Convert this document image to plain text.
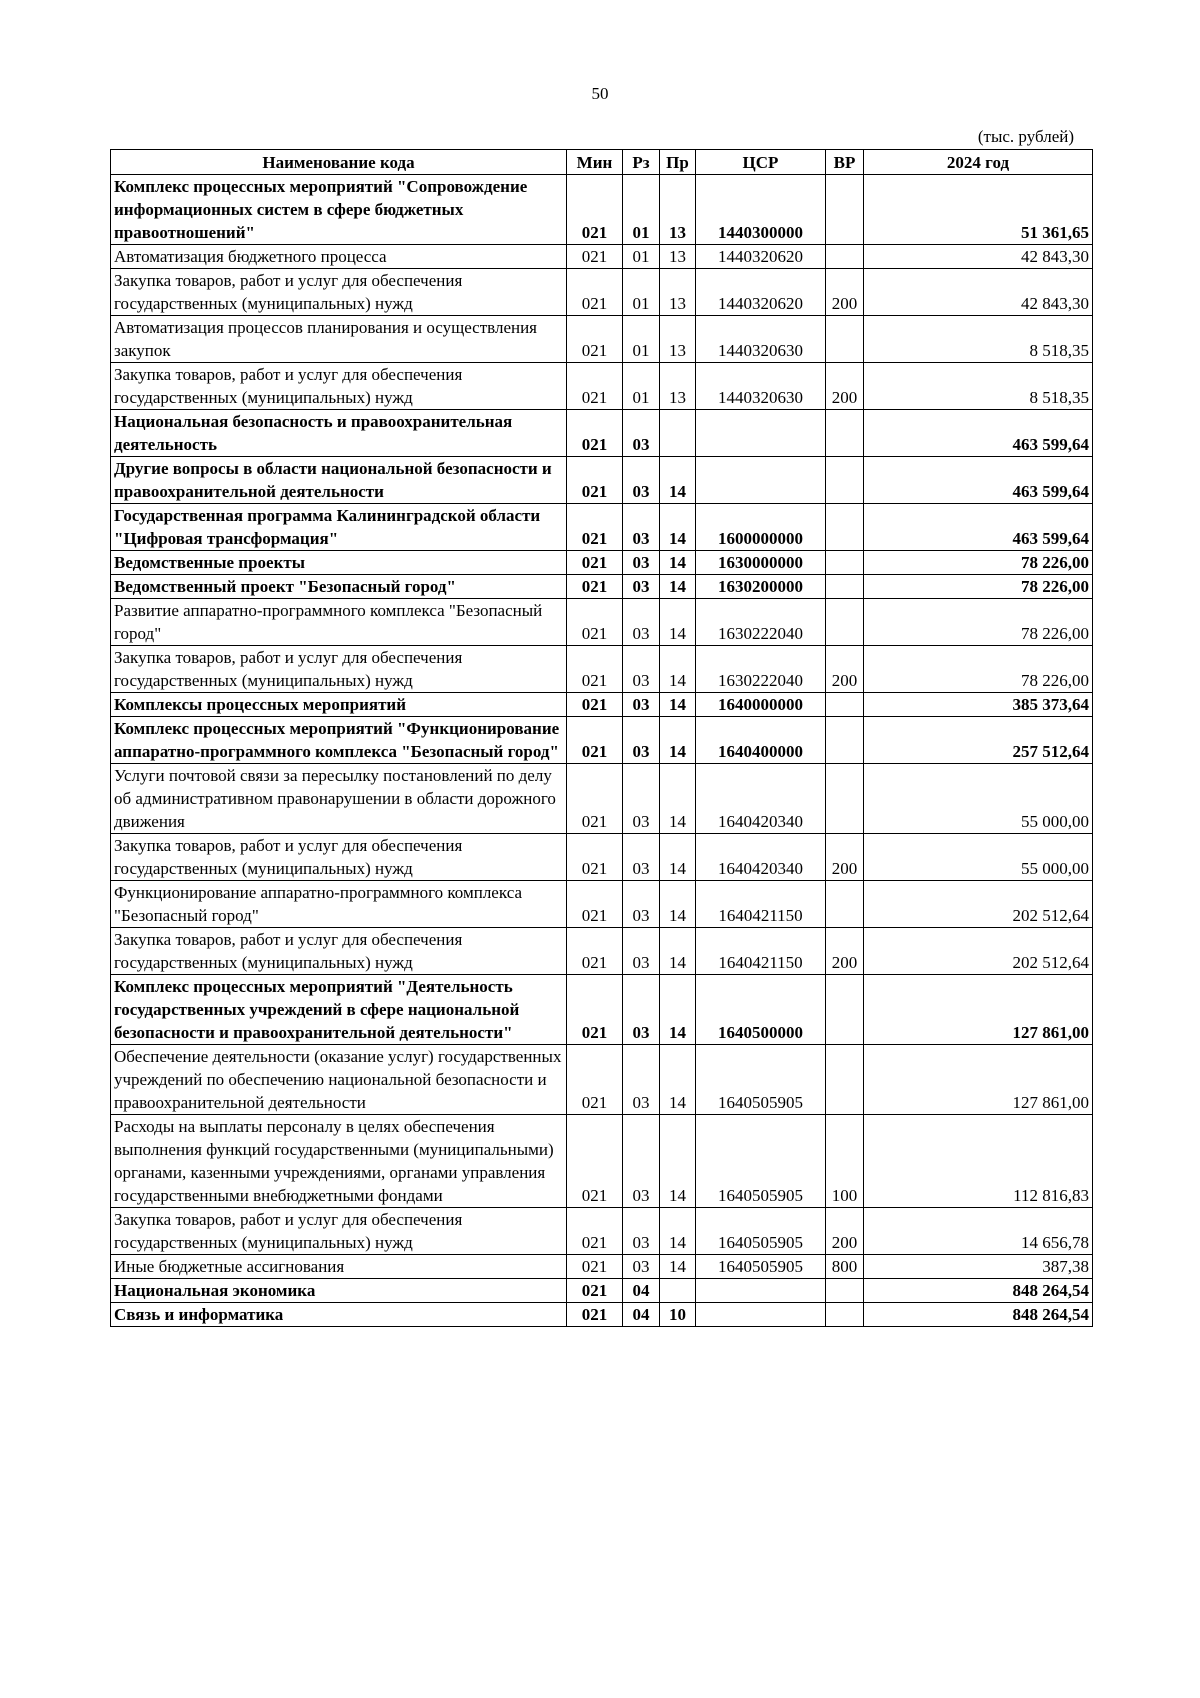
50
(тыс. рублей)
Наименование кода	Мин	Рз	Пр	ЦСР	ВР	2024 год
Комплекс процессных мероприятий "Сопровождение информационных систем в сфере бюджетных правоотношений"	021	01	13	1440300000		51 361,65
Автоматизация бюджетного процесса	021	01	13	1440320620		42 843,30
Закупка товаров, работ и услуг для обеспечения государственных (муниципальных) нужд	021	01	13	1440320620	200	42 843,30
Автоматизация процессов планирования и осуществления закупок	021	01	13	1440320630		8 518,35
Закупка товаров, работ и услуг для обеспечения государственных (муниципальных) нужд	021	01	13	1440320630	200	8 518,35
Национальная безопасность и правоохранительная деятельность	021	03				463 599,64
Другие вопросы в области национальной безопасности и правоохранительной деятельности	021	03	14			463 599,64
Государственная программа Калининградской области "Цифровая трансформация"	021	03	14	1600000000		463 599,64
Ведомственные проекты	021	03	14	1630000000		78 226,00
Ведомственный проект "Безопасный город"	021	03	14	1630200000		78 226,00
Развитие аппаратно-программного комплекса "Безопасный город"	021	03	14	1630222040		78 226,00
Закупка товаров, работ и услуг для обеспечения государственных (муниципальных) нужд	021	03	14	1630222040	200	78 226,00
Комплексы процессных мероприятий	021	03	14	1640000000		385 373,64
Комплекс процессных мероприятий "Функционирование аппаратно-программного комплекса "Безопасный город"	021	03	14	1640400000		257 512,64
Услуги почтовой связи за пересылку постановлений по делу об административном правонарушении в области дорожного движения	021	03	14	1640420340		55 000,00
Закупка товаров, работ и услуг для обеспечения государственных (муниципальных) нужд	021	03	14	1640420340	200	55 000,00
Функционирование аппаратно-программного комплекса "Безопасный город"	021	03	14	1640421150		202 512,64
Закупка товаров, работ и услуг для обеспечения государственных (муниципальных) нужд	021	03	14	1640421150	200	202 512,64
Комплекс процессных мероприятий "Деятельность государственных учреждений в сфере национальной безопасности и правоохранительной деятельности"	021	03	14	1640500000		127 861,00
Обеспечение деятельности (оказание услуг) государственных учреждений по обеспечению национальной безопасности и правоохранительной деятельности	021	03	14	1640505905		127 861,00
Расходы на выплаты персоналу в целях обеспечения выполнения функций государственными (муниципальными) органами, казенными учреждениями, органами управления государственными внебюджетными фондами	021	03	14	1640505905	100	112 816,83
Закупка товаров, работ и услуг для обеспечения государственных (муниципальных) нужд	021	03	14	1640505905	200	14 656,78
Иные бюджетные ассигнования	021	03	14	1640505905	800	387,38
Национальная экономика	021	04				848 264,54
Связь и информатика	021	04	10			848 264,54
